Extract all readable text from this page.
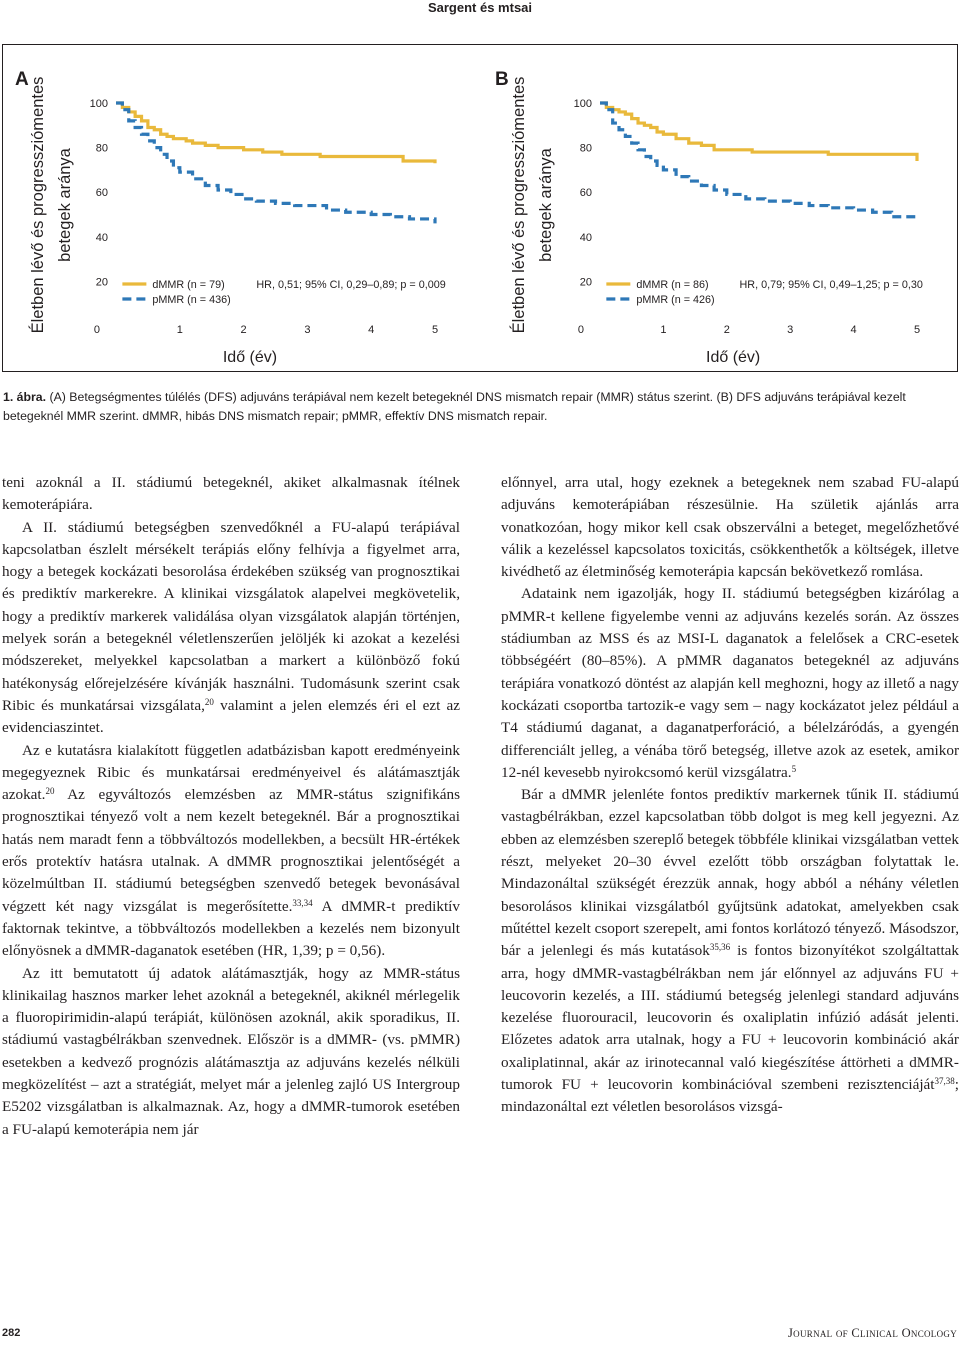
Sargent és mtsai
A Életben lévő és progressziómentes betegek aránya
100
80
60
40
20
0	1	2	3	4	5
Idő (év)
dMMR (n = 79)
pMMR (n = 436)
HR, 0,51; 95% CI, 0,29–0,89; p = 0,009
B Életben lévő és progressziómentes betegek aránya
100
80
60
40
20
0	1	2	3	4	5
Idő (év)
dMMR (n = 86)
pMMR (n = 426)
HR, 0,79; 95% CI, 0,49–1,25; p = 0,30
1. ábra. (A) Betegségmentes túlélés (DFS) adjuváns terápiával nem kezelt betegeknél DNS mismatch repair (MMR) státus szerint. (B) DFS adjuváns terápiával kezelt betegeknél MMR szerint. dMMR, hibás DNS mismatch repair; pMMR, effektív DNS mismatch repair.

teni azoknál a II. stádiumú betegeknél, akiket alkalmasnak ítélnek kemoterápiára.

A II. stádiumú betegségben szenvedőknél a FU-alapú terápiával kapcsolatban észlelt mérsékelt terápiás előny felhívja a figyelmet arra, hogy a betegek kockázati besorolása érdekében szükség van prognosztikai és prediktív markerekre. A klinikai vizsgálatok alapelvei megkövetelik, hogy a prediktív markerek validálása olyan vizsgálatok alapján történjen, melyek során a betegeknél véletlenszerűen jelöljék ki azokat a kezelési módszereket, melyekkel kapcsolatban a markert a különböző fokú hatékonyság előrejelzésére kívánják használni. Tudomásunk szerint csak Ribic és munkatársai vizsgálata,$^{20}$ valamint a jelen elemzés éri el ezt az evidenciaszintet.

Az e kutatásra kialakított független adatbázisban kapott eredményeink megegyeznek Ribic és munkatársai eredményeivel és alátámasztják azokat.$^{20}$ Az egyváltozós elemzésben az MMR-státus szignifikáns prognosztikai tényező volt a nem kezelt betegeknél. Bár a prognosztikai hatás nem maradt fenn a többváltozós modellekben, a becsült HR-értékek erős protektív hatásra utalnak. A dMMR prognosztikai jelentőségét a közelmúltban II. stádiumú betegségben szenvedő betegek bevonásával végzett két nagy vizsgálat is megerősítette.$^{33,34}$ A dMMR-t prediktív faktornak tekintve, a többváltozós modellekben a kezelés nem bizonyult előnyösnek a dMMR-daganatok esetében (HR, 1,39; p = 0,56).

Az itt bemutatott új adatok alátámasztják, hogy az MMR-státus klinikailag hasznos marker lehet azoknál a betegeknél, akiknél mérlegelik a fluoropirimidin-alapú terápiát, különösen azoknál, akik sporadikus, II. stádiumú vastagbélrákban szenvednek. Először is a dMMR- (vs. pMMR) esetekben a kedvező prognózis alátámasztja az adjuváns kezelés nélküli megközelítést – azt a stratégiát, melyet már a jelenleg zajló US Intergroup E5202 vizsgálatban is alkalmaznak. Az, hogy a dMMR-tumorok esetében a FU-alapú kemoterápia nem jár

előnnyel, arra utal, hogy ezeknek a betegeknek nem szabad FU-alapú adjuváns kemoterápiában részesülnie. Ha születik ajánlás arra vonatkozóan, hogy mikor kell csak obszerválni a beteget, megelőzhetővé válik a kezeléssel kapcsolatos toxicitás, csökkenthetők a költségek, illetve kivédhető az életminőség kemoterápia kapcsán bekövetkező romlása.

Adataink nem igazolják, hogy II. stádiumú betegségben kizárólag a pMMR-t kellene figyelembe venni az adjuváns kezelés során. Az összes stádiumban az MSS és az MSI-L daganatok a felelősek a CRC-esetek többségéért (80–85%). A pMMR daganatos betegeknél az adjuváns terápiára vonatkozó döntést az alapján kell meghozni, hogy az illető a nagy kockázati csoportba tartozik-e vagy sem – nagy kockázatot jelez például a T4 stádiumú daganat, a daganatperforáció, a bélelzáródás, a gyengén differenciált jelleg, a vénába törő betegség, illetve azok az esetek, amikor 12-nél kevesebb nyirokcsomó kerül vizsgálatra.$^5$

Bár a dMMR jelenléte fontos prediktív markernek tűnik II. stádiumú vastagbélrákban, ezzel kapcsolatban több dolgot is meg kell jegyezni. Az ebben az elemzésben szereplő betegek többféle klinikai vizsgálatban vettek részt, melyeket 20–30 évvel ezelőtt több országban folytattak le. Mindazonáltal szükségét érezzük annak, hogy abból a néhány véletlen besorolásos klinikai vizsgálatból gyűjtsünk adatokat, amelyekben csak műtéttel kezelt csoport szerepelt, ami fontos korlátozó tényező. Másodszor, bár a jelenlegi és más kutatások$^{35,36}$ is fontos bizonyítékot szolgáltattak arra, hogy dMMR-vastagbélrákban nem jár előnnyel az adjuváns FU + leucovorin kezelés, a III. stádiumú betegség jelenlegi standard adjuváns kezelése fluorouracil, leucovorin és oxaliplatin infúzió adását jelenti. Előzetes adatok arra utalnak, hogy a FU + leucovorin kombináció akár oxaliplatinnal, akár az irinotecannal való kiegészítése áttörheti a dMMR-tumorok FU + leucovorin kombinációval szembeni rezisztenciáját$^{37,38}$; mindazonáltal ezt véletlen besorolásos vizsgá-

282	Journal of Clinical Oncology
